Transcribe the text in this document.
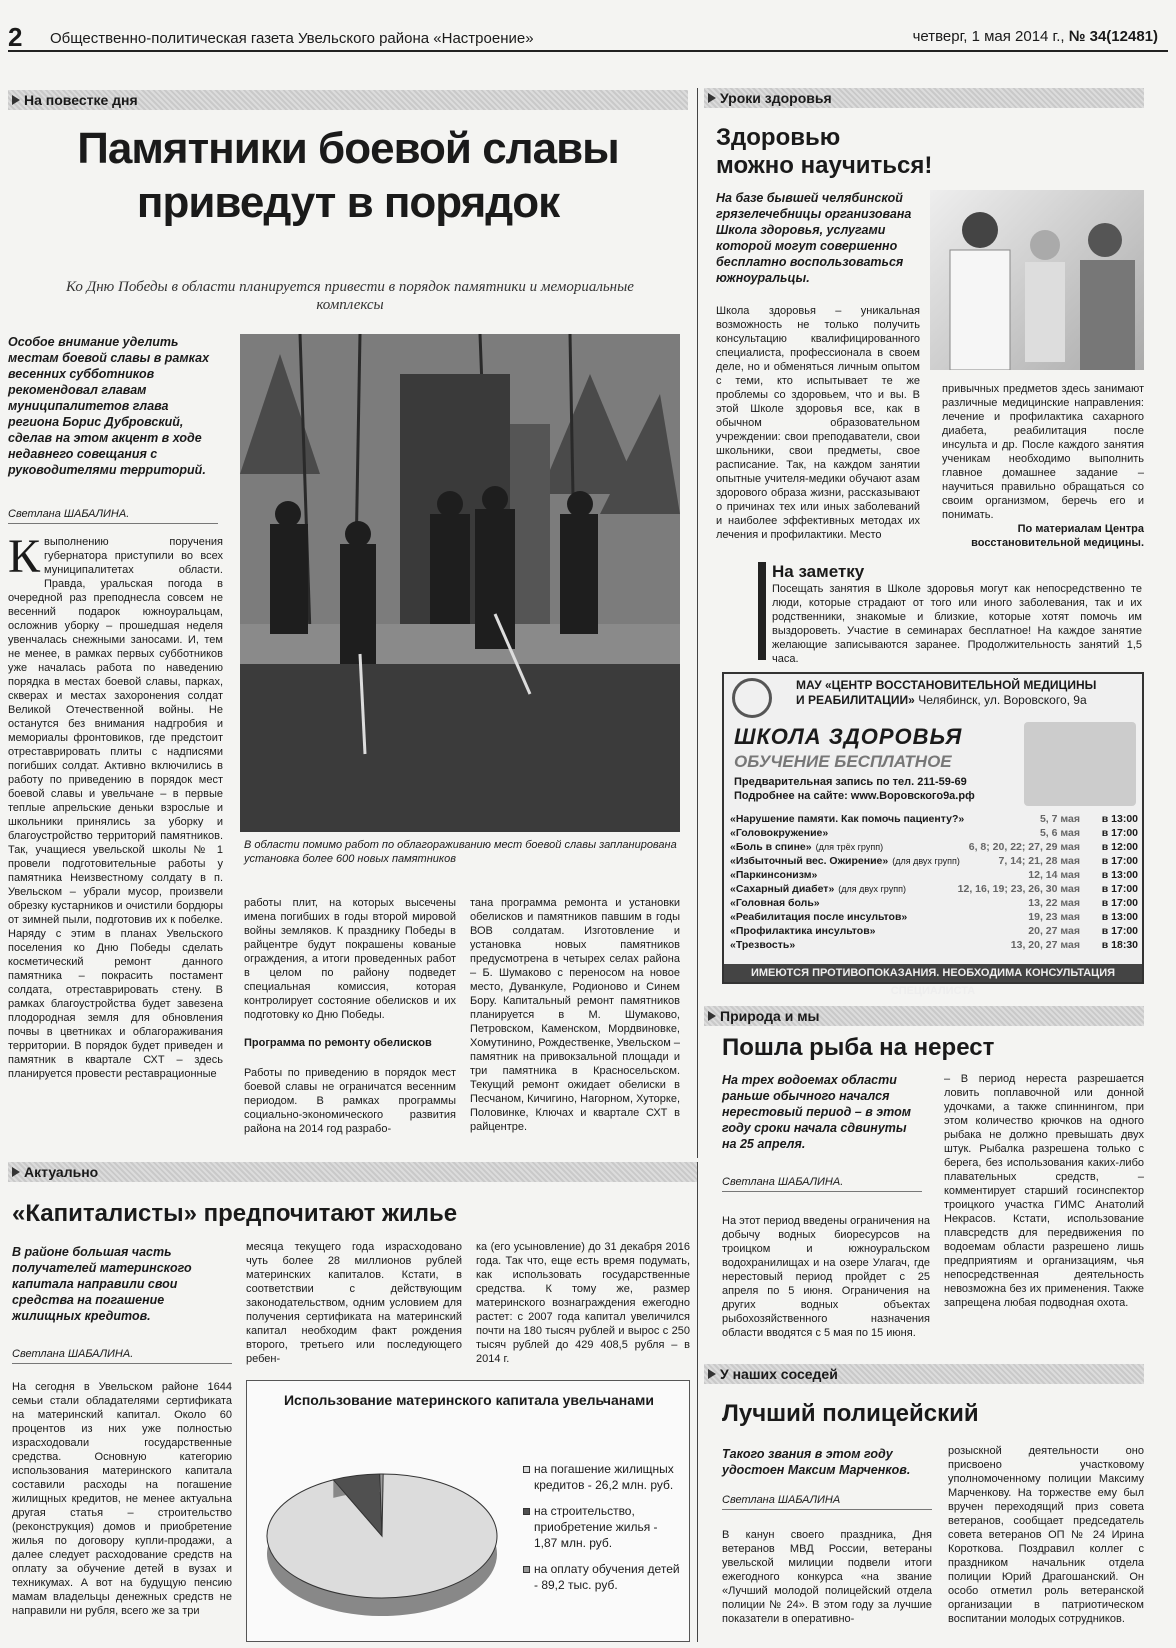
2 Общественно-политическая газета Увельского района «Настроение»	четверг, 1 мая 2014 г., № 34(12481)
На повестке дня
Памятники боевой славы
приведут в порядок
Ко Дню Победы в области планируется привести в порядок памятники и мемориальные комплексы
Особое внимание уделить местам боевой славы в рамках весенних субботников рекомендовал главам муниципалитетов глава региона Борис Дубровский, сделав на этом акцент в ходе недавнего совещания с руководителями территорий.
Светлана ШАБАЛИНА.
Квыполнению поручения губернатора приступили во всех муниципалитетах области. Правда, уральская погода в очередной раз преподнесла совсем не весенний подарок южноуральцам, осложнив уборку – прошедшая неделя увенчалась снежными заносами. И, тем не менее, в рамках первых субботников уже началась работа по наведению порядка в местах боевой славы, парках, скверах и местах захоронения солдат Великой Отечественной войны. Не останутся без внимания надгробия и мемориалы фронтовиков, где предстоит отреставрировать плиты с надписями погибших солдат. Активно включились в работу по приведению в порядок мест боевой славы и увельчане – в первые теплые апрельские деньки взрослые и школьники принялись за уборку и благоустройство территорий памятников. Так, учащиеся увельской школы № 1 провели подготовительные работы у памятника Неизвестному солдату в п. Увельском – убрали мусор, произвели обрезку кустарников и очистили бордюры от зимней пыли, подготовив их к побелке. Наряду с этим в планах Увельского поселения ко Дню Победы сделать косметический ремонт данного памятника – покрасить постамент солдата, отреставрировать стену. В рамках благоустройства будет завезена плодородная земля для обновления почвы в цветниках и облагораживания территории. В порядок будет приведен и памятник в квартале СХТ – здесь планируется провести реставрационные
В области помимо работ по облагораживанию мест боевой славы запланирована установка более 600 новых памятников
работы плит, на которых высечены имена погибших в годы второй мировой войны земляков. К празднику Победы в райцентре будут покрашены кованые ограждения, а итоги проведенных работ в целом по району подведет специальная комиссия, которая контролирует состояние обелисков и их подготовку ко Дню Победы.
Программа по ремонту обелисков
Работы по приведению в порядок мест боевой славы не ограничатся весенним периодом. В рамках программы социально-экономического развития района на 2014 год разрабо-
тана программа ремонта и установки обелисков и памятников павшим в годы ВОВ солдатам. Изготовление и установка новых памятников предусмотрена в четырех селах района – Б. Шумаково с переносом на новое место, Дуванкуле, Родионово и Синем Бору. Капитальный ремонт памятников планируется в М. Шумаково, Петровском, Каменском, Мордвиновке, Хомутинино, Рождественке, Увельском – памятник на привокзальной площади и три памятника в Красносельском. Текущий ремонт ожидает обелиски в Песчаном, Кичигино, Нагорном, Хуторке, Половинке, Ключах и квартале СХТ в райцентре.
Уроки здоровья
Здоровью
можно научиться!
На базе бывшей челябинской грязелечебницы организована Школа здоровья, услугами которой могут совершенно бесплатно воспользоваться южноуральцы.
Школа здоровья – уникальная возможность не только получить консультацию квалифицированного специалиста, профессионала в своем деле, но и обменяться личным опытом с теми, кто испытывает те же проблемы со здоровьем, что и вы. В этой Школе здоровья все, как в обычном образовательном учреждении: свои преподаватели, свои школьники, свои предметы, свое расписание. Так, на каждом занятии опытные учителя-медики обучают азам здорового образа жизни, рассказывают о причинах тех или иных заболеваний и наиболее эффективных методах их лечения и профилактики. Место
привычных предметов здесь занимают различные медицинские направления: лечение и профилактика сахарного диабета, реабилитация после инсульта и др. После каждого занятия ученикам необходимо выполнить главное домашнее задание – научиться правильно обращаться со своим организмом, беречь его и понимать.
По материалам Центра восстановительной медицины.
На заметку
Посещать занятия в Школе здоровья могут как непосредственно те люди, которые страдают от того или иного заболевания, так и их родственники, знакомые и близкие, которые хотят помочь им выздороветь. Участие в семинарах бесплатное! На каждое занятие желающие записываются заранее. Продолжительность занятий 1,5 часа.
МАУ «ЦЕНТР ВОССТАНОВИТЕЛЬНОЙ МЕДИЦИНЫ
И РЕАБИЛИТАЦИИ» Челябинск, ул. Воровского, 9а
ШКОЛА ЗДОРОВЬЯ
ОБУЧЕНИЕ БЕСПЛАТНОЕ
Предварительная запись по тел. 211-59-69
Подробнее на сайте: www.Воровского9а.рф
«Нарушение памяти. Как помочь пациенту?»	5, 7 мая	в 13:00
«Головокружение»	5, 6 мая	в 17:00
«Боль в спине» (для трёх групп)	6, 8; 20, 22; 27, 29 мая	в 12:00
«Избыточный вес. Ожирение» (для двух групп)	7, 14; 21, 28 мая	в 17:00
«Паркинсонизм»	12, 14 мая	в 13:00
«Сахарный диабет» (для двух групп)	12, 16, 19; 23, 26, 30 мая	в 17:00
«Головная боль»	13, 22 мая	в 17:00
«Реабилитация после инсультов»	19, 23 мая	в 13:00
«Профилактика инсультов»	20, 27 мая	в 17:00
«Трезвость»	13, 20, 27 мая	в 18:30
ИМЕЮТСЯ ПРОТИВОПОКАЗАНИЯ. НЕОБХОДИМА КОНСУЛЬТАЦИЯ СПЕЦИАЛИСТА
Природа и мы
Пошла рыба на нерест
На трех водоемах области раньше обычного начался нерестовый период – в этом году сроки начала сдвинуты на 25 апреля.
Светлана ШАБАЛИНА.
На этот период введены ограничения на добычу водных биоресурсов на троицком и южноуральском водохранилищах и на озере Улагач, где нерестовый период пройдет с 25 апреля по 5 июня. Ограничения на других водных объектах рыбохозяйственного назначения области вводятся с 5 мая по 15 июня.
– В период нереста разрешается ловить поплавочной или донной удочками, а также спиннингом, при этом количество крючков на одного рыбака не должно превышать двух штук. Рыбалка разрешена только с берега, без использования каких-либо плавательных средств, – комментирует старший госинспектор троицкого участка ГИМС Анатолий Некрасов. Кстати, использование плавсредств для передвижения по водоемам области разрешено лишь предприятиям и организациям, чья непосредственная деятельность невозможна без их применения. Также запрещена любая подводная охота.
Актуально
«Капиталисты» предпочитают жилье
В районе большая часть получателей материнского капитала направили свои средства на погашение жилищных кредитов.
Светлана ШАБАЛИНА.
На сегодня в Увельском районе 1644 семьи стали обладателями сертификата на материнский капитал. Около 60 процентов из них уже полностью израсходовали государственные средства. Основную категорию использования материнского капитала составили расходы на погашение жилищных кредитов, не менее актуальна другая статья – строительство (реконструкция) домов и приобретение жилья по договору купли-продажи, а далее следует расходование средств на оплату за обучение детей в вузах и техникумах. А вот на будущую пенсию мамам владельцы денежных средств не направили ни рубля, всего же за три
месяца текущего года израсходовано чуть более 28 миллионов рублей материнских капиталов. Кстати, в соответствии с действующим законодательством, одним условием для получения сертификата на материнский капитал необходим факт рождения второго, третьего или последующего ребен-
ка (его усыновление) до 31 декабря 2016 года. Так что, еще есть время подумать, как использовать государственные средства. К тому же, размер материнского вознаграждения ежегодно растет: с 2007 года капитал увеличился почти на 180 тысяч рублей и вырос с 250 тысяч рублей до 429 408,5 рубля – в 2014 г.
Использование материнского капитала увельчанами
на погашение жилищных кредитов - 26,2 млн. руб.
на строительство, приобретение жилья - 1,87 млн. руб.
на оплату обучения детей - 89,2 тыс. руб.
У наших соседей
Лучший полицейский
Такого звания в этом году удостоен Максим Марченков.
Светлана ШАБАЛИНА
В канун своего праздника, Дня ветеранов МВД России, ветераны увельской милиции подвели итоги ежегодного конкурса «на звание «Лучший молодой полицейский отдела полиции № 24». В этом году за лучшие показатели в оперативно-
розыскной деятельности оно присвоено участковому уполномоченному полиции Максиму Марченкову. На торжестве ему был вручен переходящий приз совета ветеранов, сообщает председатель совета ветеранов ОП № 24 Ирина Короткова. Поздравил коллег с праздником начальник отдела полиции Юрий Драгошанский. Он особо отметил роль ветеранской организации в патриотическом воспитании молодых сотрудников.
